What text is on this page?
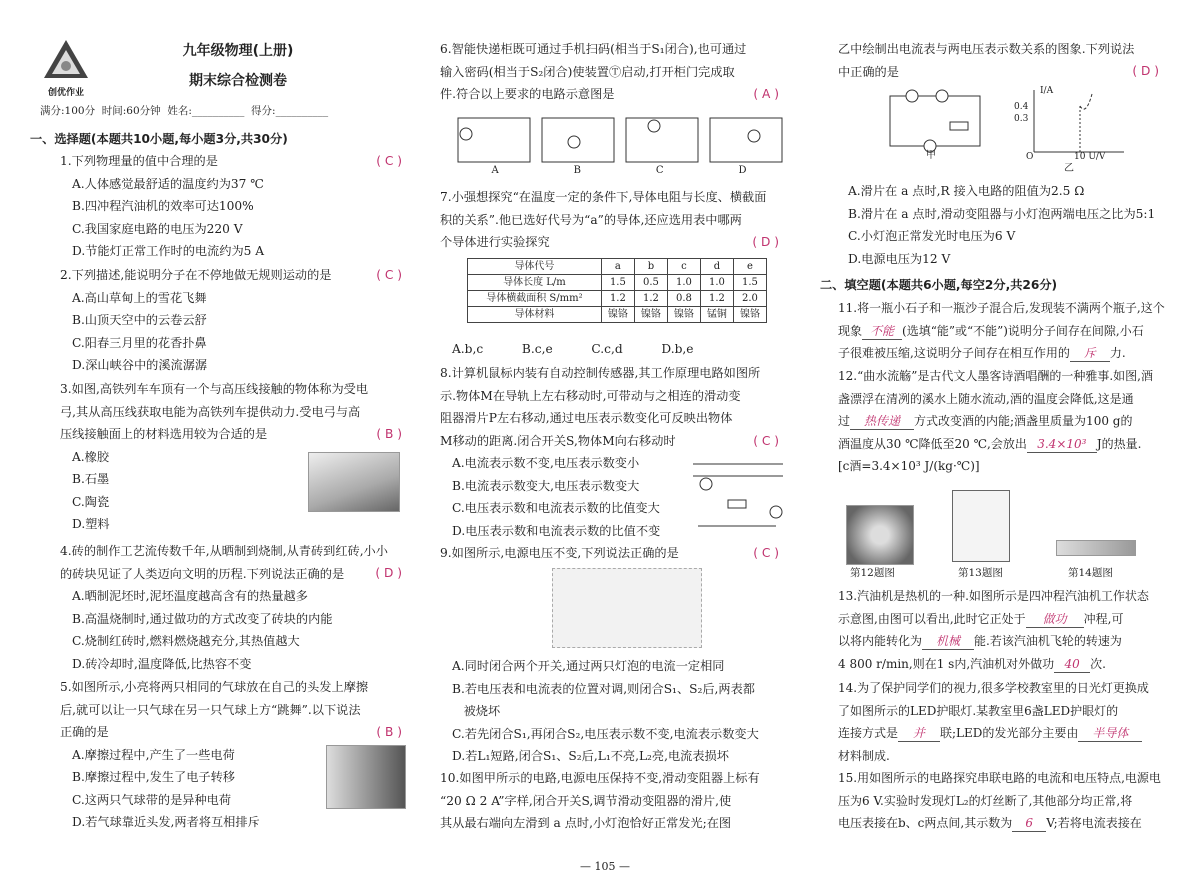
创优作业
九年级物理(上册)
期末综合检测卷
满分:100分  时间:60分钟  姓名:__________  得分:__________
一、选择题(本题共10小题,每小题3分,共30分)

1.下列物理量的值中合理的是	( C )

A.人体感觉最舒适的温度约为37 ℃

B.四冲程汽油机的效率可达100%

C.我国家庭电路的电压为220 V

D.节能灯正常工作时的电流约为5 A

2.下列描述,能说明分子在不停地做无规则运动的是	( C )

A.高山草甸上的雪花飞舞

B.山顶天空中的云卷云舒

C.阳春三月里的花香扑鼻

D.深山峡谷中的溪流潺潺

3.如图,高铁列车车顶有一个与高压线接触的物体称为受电

弓,其从高压线获取电能为高铁列车提供动力.受电弓与高

压线接触面上的材料选用较为合适的是	( B )

A.橡胶

B.石墨

C.陶瓷

D.塑料

4.砖的制作工艺流传数千年,从晒制到烧制,从青砖到红砖,小小

的砖块见证了人类迈向文明的历程.下列说法正确的是	( D )

A.晒制泥坯时,泥坯温度越高含有的热量越多

B.高温烧制时,通过做功的方式改变了砖块的内能

C.烧制红砖时,燃料燃烧越充分,其热值越大

D.砖冷却时,温度降低,比热容不变

5.如图所示,小亮将两只相同的气球放在自己的头发上摩擦

后,就可以让一只气球在另一只气球上方“跳舞”.以下说法

正确的是	( B )

A.摩擦过程中,产生了一些电荷

B.摩擦过程中,发生了电子转移

C.这两只气球带的是异种电荷

D.若气球靠近头发,两者将互相排斥

6.智能快递柜既可通过手机扫码(相当于S₁闭合),也可通过

输入密码(相当于S₂闭合)使装置Ⓣ启动,打开柜门完成取

件.符合以上要求的电路示意图是	( A )
A	B	C	D

7.小强想探究“在温度一定的条件下,导体电阻与长度、横截面

积的关系”.他已选好代号为“a”的导体,还应选用表中哪两

个导体进行实验探究	( D )
A.b,c          B.c,e          C.c,d          D.b,e

8.计算机鼠标内装有自动控制传感器,其工作原理电路如图所

示.物体M在导轨上左右移动时,可带动与之相连的滑动变

阻器滑片P左右移动,通过电压表示数变化可反映出物体

M移动的距离.闭合开关S,物体M向右移动时	( C )

A.电流表示数不变,电压表示数变小

B.电流表示数变大,电压表示数变大

C.电压表示数和电流表示数的比值变大

D.电压表示数和电流表示数的比值不变

9.如图所示,电源电压不变,下列说法正确的是	( C )

A.同时闭合两个开关,通过两只灯泡的电流一定相同

B.若电压表和电流表的位置对调,则闭合S₁、S₂后,两表都

被烧坏

C.若先闭合S₁,再闭合S₂,电压表示数不变,电流表示数变大

D.若L₁短路,闭合S₁、S₂后,L₁不亮,L₂亮,电流表损坏

10.如图甲所示的电路,电源电压保持不变,滑动变阻器上标有

“20 Ω 2 A”字样,闭合开关S,调节滑动变阻器的滑片,使

其从最右端向左滑到 a 点时,小灯泡恰好正常发光;在图

导体代号	a	b	c	d	e
导体长度 L/m	1.5	0.5	1.0	1.0	1.5
导体横截面积 S/mm²	1.2	1.2	0.8	1.2	2.0
导体材料	镍铬	镍铬	镍铬	锰铜	镍铬

乙中绘制出电流表与两电压表示数关系的图象.下列说法

中正确的是	( D )
甲
I/A
0.4
0.3
O	10 U/V
乙

A.滑片在 a 点时,R 接入电路的阻值为2.5 Ω

B.滑片在 a 点时,滑动变阻器与小灯泡两端电压之比为5:1

C.小灯泡正常发光时电压为6 V

D.电源电压为12 V

二、填空题(本题共6小题,每空2分,共26分)

11.将一瓶小石子和一瓶沙子混合后,发现装不满两个瓶子,这个

现象 不能 (选填“能”或“不能”)说明分子间存在间隙,小石

子很难被压缩,这说明分子间存在相互作用的 斥 力.

12.“曲水流觞”是古代文人墨客诗酒唱酬的一种雅事.如图,酒

盏漂浮在清冽的溪水上随水流动,酒的温度会降低,这是通

过 热传递 方式改变酒的内能;酒盏里质量为100 g的

酒温度从30 ℃降低至20 ℃,会放出 3.4×10³ J的热量.

[c酒=3.4×10³ J/(kg·℃)]

第12题图	第13题图	第14题图

13.汽油机是热机的一种.如图所示是四冲程汽油机工作状态

示意图,由图可以看出,此时它正处于 做功 冲程,可

以将内能转化为 机械 能.若该汽油机飞轮的转速为

4 800 r/min,则在1 s内,汽油机对外做功 40 次.

14.为了保护同学们的视力,很多学校教室里的日光灯更换成

了如图所示的LED护眼灯.某教室里6盏LED护眼灯的

连接方式是 并 联;LED的发光部分主要由 半导体

材料制成.

15.用如图所示的电路探究串联电路的电流和电压特点,电源电

压为6 V.实验时发现灯L₂的灯丝断了,其他部分均正常,将

电压表接在b、c两点间,其示数为 6 V;若将电流表接在

— 105 —
